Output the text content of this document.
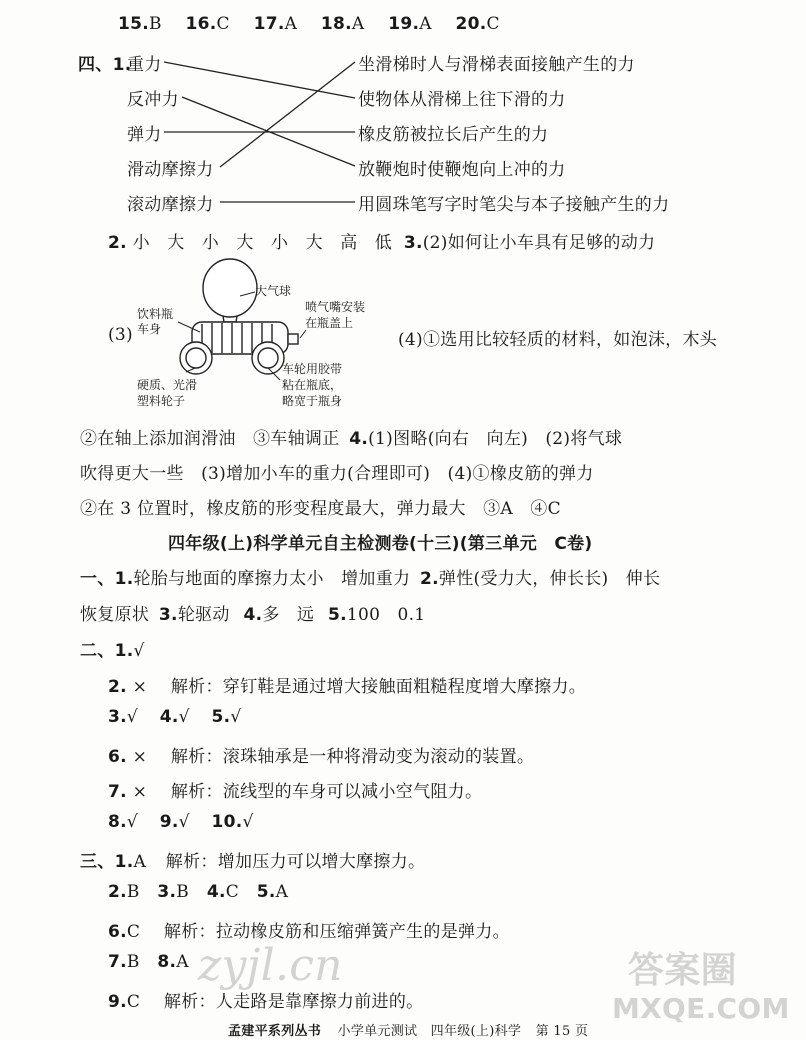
15.B 16.C 17.A 18.A 19.A 20.C
四、1.
重力
反冲力
弹力
滑动摩擦力
滚动摩擦力
坐滑梯时人与滑梯表面接触产生的力
使物体从滑梯上往下滑的力
橡皮筋被拉长后产生的力
放鞭炮时使鞭炮向上冲的力
用圆珠笔写字时笔尖与本子接触产生的力
2. 小　大　小　大　小　大　高　低 3.(2)如何让小车具有足够的动力
(3)
大气球
饮料瓶
车身
喷气嘴安装
在瓶盖上
硬质、光滑
塑料轮子
车轮用胶带
粘在瓶底，
略宽于瓶身
(4)①选用比较轻质的材料，如泡沫，木头
②在轴上添加润滑油　③车轴调正 4.(1)图略(向右　向左)　(2)将气球
吹得更大一些　(3)增加小车的重力(合理即可)　(4)①橡皮筋的弹力
②在 3 位置时，橡皮筋的形变程度最大，弹力最大　③A　④C
四年级(上)科学单元自主检测卷(十三)(第三单元　C卷)
一、1.轮胎与地面的摩擦力太小　增加重力 2.弹性(受力大，伸长长)　伸长
恢复原状 3.轮驱动 4.多　远 5.100　0.1
二、1.√
2. × 解析：穿钉鞋是通过增大接触面粗糙程度增大摩擦力。
3.√ 4.√ 5.√
6. × 解析：滚珠轴承是一种将滑动变为滚动的装置。
7. × 解析：流线型的车身可以减小空气阻力。
8.√ 9.√ 10.√
三、1.A 解析：增加压力可以增大摩擦力。
2.B 3.B 4.C 5.A
6.C 解析：拉动橡皮筋和压缩弹簧产生的是弹力。
7.B 8.A
9.C 解析：人走路是靠摩擦力前进的。
zyjl.cn	答案圈
MXQE.COM
孟建平系列丛书 小学单元测试　四年级(上)科学 第 15 页
